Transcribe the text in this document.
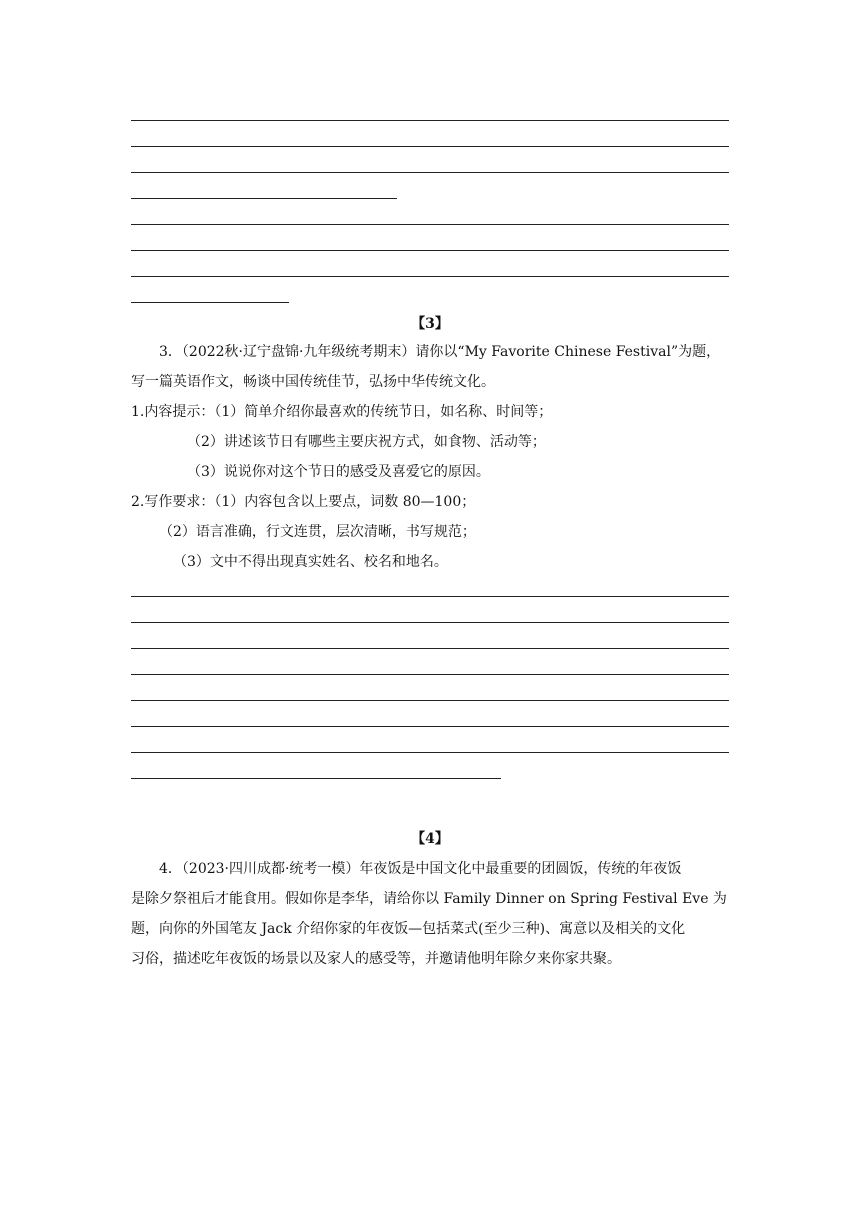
【3】
3．（2022秋·辽宁盘锦·九年级统考期末）请你以“My Favorite Chinese Festival”为题，
写一篇英语作文，畅谈中国传统佳节，弘扬中华传统文化。
1.内容提示：（1）简单介绍你最喜欢的传统节日，如名称、时间等；
（2）讲述该节日有哪些主要庆祝方式，如食物、活动等；
（3）说说你对这个节日的感受及喜爱它的原因。
2.写作要求：（1）内容包含以上要点，词数 80—100；
（2）语言准确，行文连贯，层次清晰，书写规范；
（3）文中不得出现真实姓名、校名和地名。
【4】
4．（2023·四川成都·统考一模）年夜饭是中国文化中最重要的团圆饭，传统的年夜饭
是除夕祭祖后才能食用。假如你是李华，请给你以 Family Dinner on Spring Festival Eve 为
题，向你的外国笔友 Jack 介绍你家的年夜饭—包括菜式(至少三种)、寓意以及相关的文化
习俗，描述吃年夜饭的场景以及家人的感受等，并邀请他明年除夕来你家共聚。
